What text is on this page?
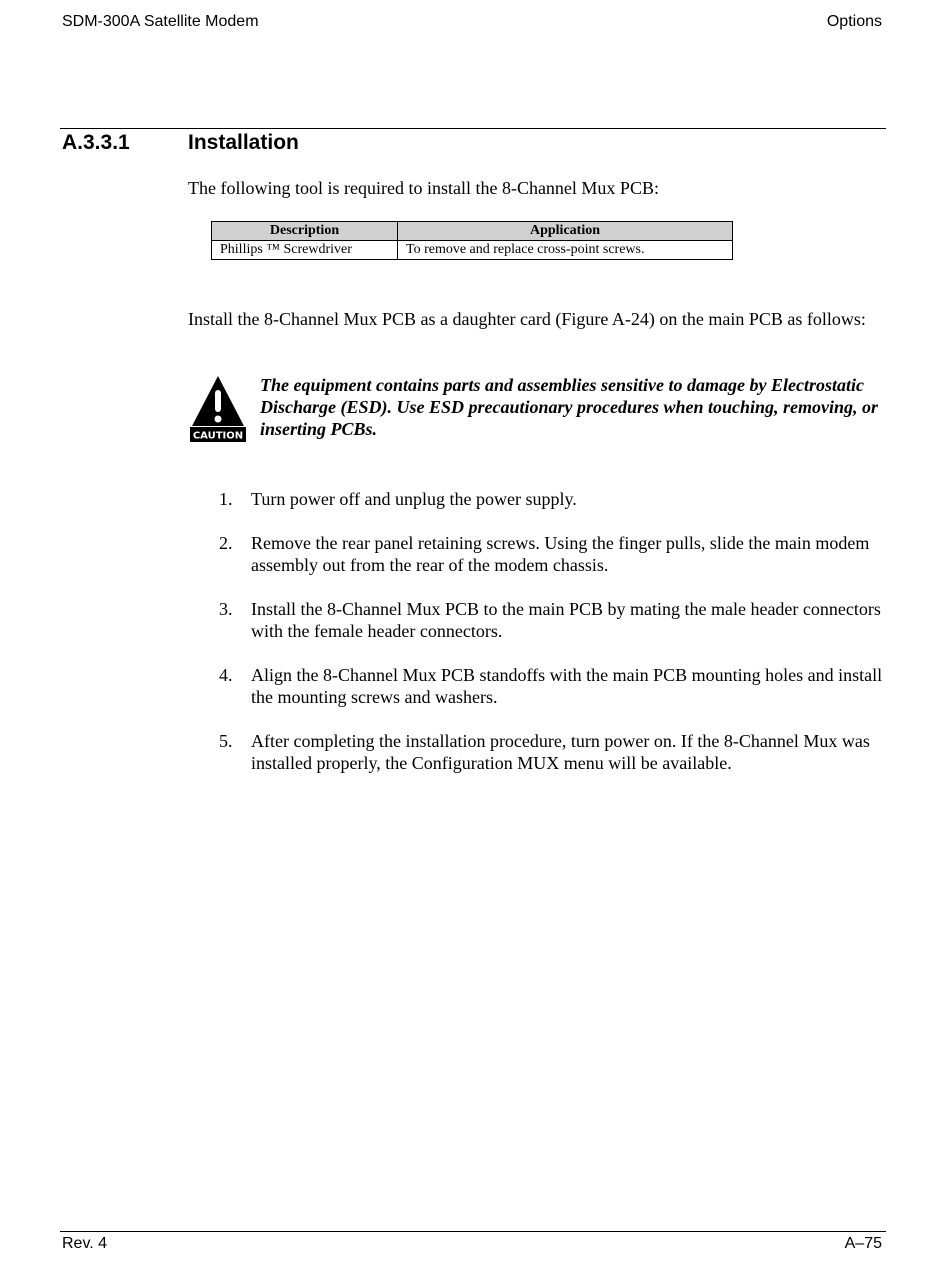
SDM-300A Satellite Modem	Options
A.3.3.1	Installation
The following tool is required to install the 8-Channel Mux PCB:
Description	Application
Phillips ™ Screwdriver	To remove and replace cross-point screws.
Install the 8-Channel Mux PCB as a daughter card (Figure A-24) on the main PCB as follows:
CAUTION
The equipment contains parts and assemblies sensitive to damage by Electrostatic Discharge (ESD). Use ESD precautionary procedures when touching, removing, or inserting PCBs.
1. Turn power off and unplug the power supply.
2. Remove the rear panel retaining screws. Using the finger pulls, slide the main modem assembly out from the rear of the modem chassis.
3. Install the 8-Channel Mux PCB to the main PCB by mating the male header connectors with the female header connectors.
4. Align the 8-Channel Mux PCB standoffs with the main PCB mounting holes and install the mounting screws and washers.
5. After completing the installation procedure, turn power on. If the 8-Channel Mux was installed properly, the Configuration MUX menu will be available.
Rev. 4	A–75
